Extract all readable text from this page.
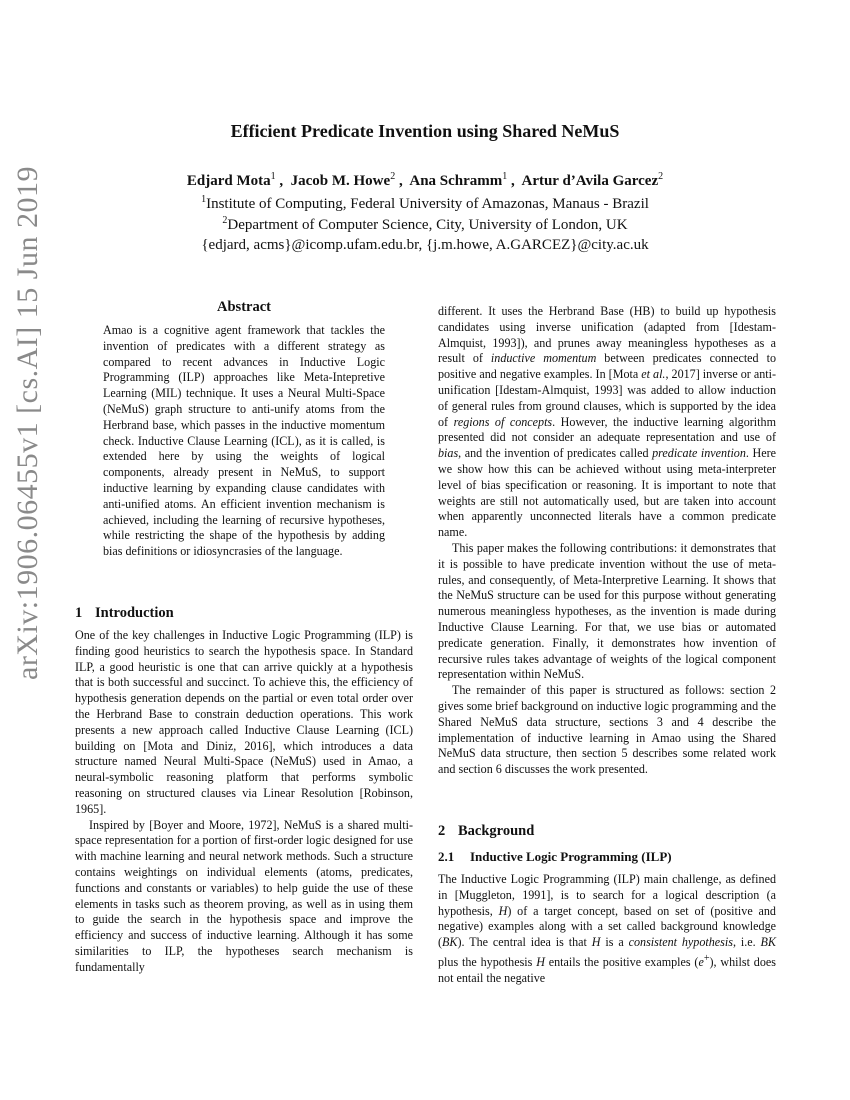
arXiv:1906.06455v1 [cs.AI] 15 Jun 2019
Efficient Predicate Invention using Shared NeMuS
Edjard Mota$^1$ ,  Jacob M. Howe$^2$ ,  Ana Schramm$^1$ ,  Artur d’Avila Garcez$^2$
$^1$Institute of Computing, Federal University of Amazonas, Manaus - Brazil
$^2$Department of Computer Science, City, University of London, UK
{edjard, acms}@icomp.ufam.edu.br, {j.m.howe, A.GARCEZ}@city.ac.uk
Abstract
Amao is a cognitive agent framework that tackles the invention of predicates with a different strategy as compared to recent advances in Inductive Logic Programming (ILP) approaches like Meta-Intepretive Learning (MIL) technique. It uses a Neural Multi-Space (NeMuS) graph structure to anti-unify atoms from the Herbrand base, which passes in the inductive momentum check. Inductive Clause Learning (ICL), as it is called, is extended here by using the weights of logical components, already present in NeMuS, to support inductive learning by expanding clause candidates with anti-unified atoms. An efficient invention mechanism is achieved, including the learning of recursive hypotheses, while restricting the shape of the hypothesis by adding bias definitions or idiosyncrasies of the language.
1 Introduction

One of the key challenges in Inductive Logic Programming (ILP) is finding good heuristics to search the hypothesis space. In Standard ILP, a good heuristic is one that can arrive quickly at a hypothesis that is both successful and succinct. To achieve this, the efficiency of hypothesis generation depends on the partial or even total order over the Herbrand Base to constrain deduction operations. This work presents a new approach called Inductive Clause Learning (ICL) building on [Mota and Diniz, 2016], which introduces a data structure named Neural Multi-Space (NeMuS) used in Amao, a neural-symbolic reasoning platform that performs symbolic reasoning on structured clauses via Linear Resolution [Robinson, 1965].

Inspired by [Boyer and Moore, 1972], NeMuS is a shared multi-space representation for a portion of first-order logic designed for use with machine learning and neural network methods. Such a structure contains weightings on individual elements (atoms, predicates, functions and constants or variables) to help guide the use of these elements in tasks such as theorem proving, as well as in using them to guide the search in the hypothesis space and improve the efficiency and success of inductive learning. Although it has some similarities to ILP, the hypotheses search mechanism is fundamentally

different. It uses the Herbrand Base (HB) to build up hypothesis candidates using inverse unification (adapted from [Idestam-Almquist, 1993]), and prunes away meaningless hypotheses as a result of inductive momentum between predicates connected to positive and negative examples. In [Mota et al., 2017] inverse or anti-unification [Idestam-Almquist, 1993] was added to allow induction of general rules from ground clauses, which is supported by the idea of regions of concepts. However, the inductive learning algorithm presented did not consider an adequate representation and use of bias, and the invention of predicates called predicate invention. Here we show how this can be achieved without using meta-interpreter level of bias specification or reasoning. It is important to note that weights are still not automatically used, but are taken into account when apparently unconnected literals have a common predicate name.

This paper makes the following contributions: it demonstrates that it is possible to have predicate invention without the use of meta-rules, and consequently, of Meta-Interpretive Learning. It shows that the NeMuS structure can be used for this purpose without generating numerous meaningless hypotheses, as the invention is made during Inductive Clause Learning. For that, we use bias or automated predicate generation. Finally, it demonstrates how invention of recursive rules takes advantage of weights of the logical component representation within NeMuS.

The remainder of this paper is structured as follows: section 2 gives some brief background on inductive logic programming and the Shared NeMuS data structure, sections 3 and 4 describe the implementation of inductive learning in Amao using the Shared NeMuS data structure, then section 5 describes some related work and section 6 discusses the work presented.

2 Background
2.1 Inductive Logic Programming (ILP)

The Inductive Logic Programming (ILP) main challenge, as defined in [Muggleton, 1991], is to search for a logical description (a hypothesis, H) of a target concept, based on set of (positive and negative) examples along with a set called background knowledge (BK). The central idea is that H is a consistent hypothesis, i.e. BK plus the hypothesis H entails the positive examples (e+), whilst does not entail the negative
